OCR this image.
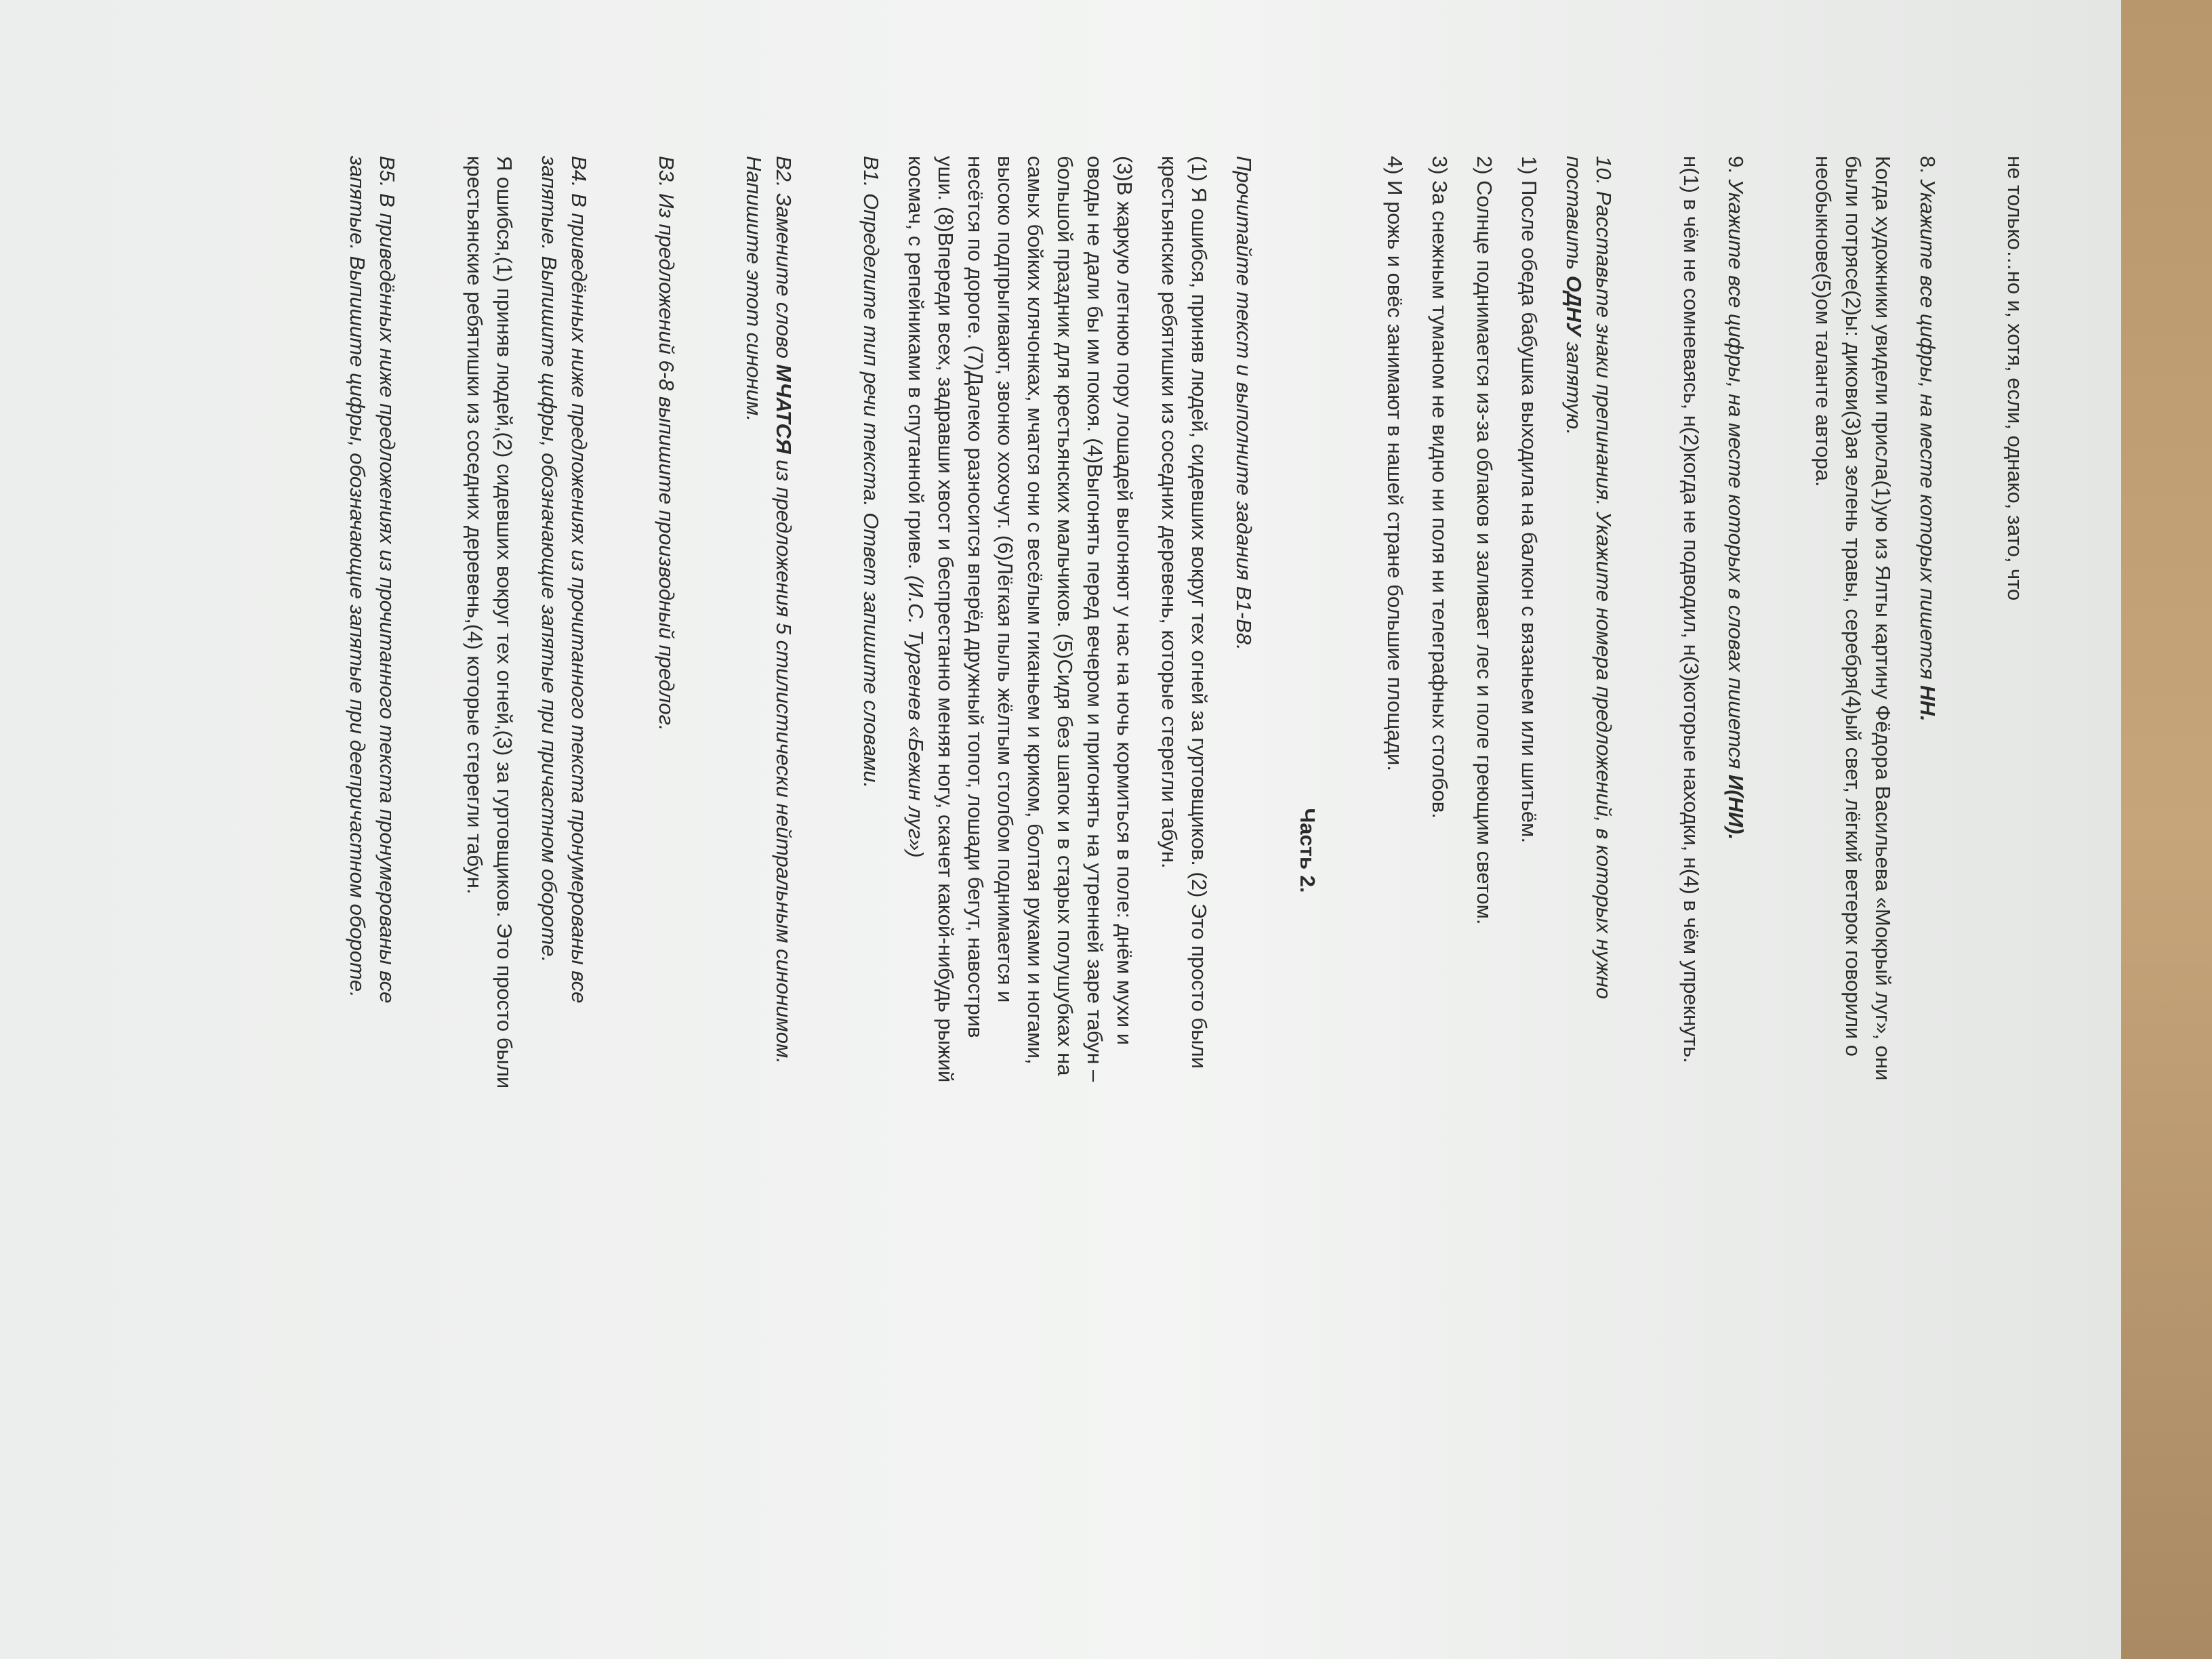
не только…но и, хотя, если, однако, зато, что
8. Укажите все цифры, на месте которых пишется НН.
Когда художники увидели присла(1)ую из Ялты картину Фёдора Васильева «Мокрый луг», они
были потрясе(2)ы: дикови(3)ая зелень травы, серебря(4)ый свет, лёгкий ветерок говорили о
необыкнове(5)ом таланте автора.
9. Укажите все цифры, на месте которых в словах пишется И(НИ).
н(1) в чём не сомневаясь, н(2)когда не подводил, н(3)которые находки, н(4) в чём упрекнуть.
10. Расставьте знаки препинания. Укажите номера предложений, в которых нужно
поставить ОДНУ запятую.
1) После обеда бабушка выходила на балкон с вязаньем или шитьём.
2) Солнце поднимается из-за облаков и заливает лес и поле греющим светом.
3) За снежным туманом не видно ни поля ни телеграфных столбов.
4) И рожь и овёс занимают в нашей стране большие площади.
Часть 2.
Прочитайте текст и выполните задания В1-В8.
(1) Я ошибся, приняв людей, сидевших вокруг тех огней за гуртовщиков. (2) Это просто были
крестьянские ребятишки из соседних деревень, которые стерегли табун.
(3)В жаркую летнюю пору лошадей выгоняют у нас на ночь кормиться в поле: днём мухи и
оводы не дали бы им покоя. (4)Выгонять перед вечером и пригонять на утренней заре табун –
большой праздник для крестьянских мальчиков. (5)Сидя без шапок и в старых полушубках на
самых бойких клячонках, мчатся они с весёлым гиканьем и криком, болтая руками и ногами,
высоко подпрыгивают, звонко хохочут. (6)Лёгкая пыль жёлтым столбом поднимается и
несётся по дороге. (7)Далеко разносится вперёд дружный топот, лошади бегут, навострив
уши. (8)Впереди всех, задравши хвост и беспрестанно меняя ногу, скачет какой-нибудь рыжий
космач, с репейниками в спутанной гриве. (И.С. Тургенев «Бежин луг»)
В1. Определите тип речи текста. Ответ запишите словами.
В2. Замените слово МЧАТСЯ из предложения 5 стилистически нейтральным синонимом.
Напишите этот синоним.
В3. Из предложений 6-8 выпишите производный предлог.
В4. В приведённых ниже предложениях из прочитанного текста пронумерованы все
запятые. Выпишите цифры, обозначающие запятые при причастном обороте.
Я ошибся,(1) приняв людей,(2) сидевших вокруг тех огней,(3) за гуртовщиков. Это просто были
крестьянские ребятишки из соседних деревень,(4) которые стерегли табун.
В5. В приведённых ниже предложениях из прочитанного текста пронумерованы все
запятые. Выпишите цифры, обозначающие запятые при деепричастном обороте.
